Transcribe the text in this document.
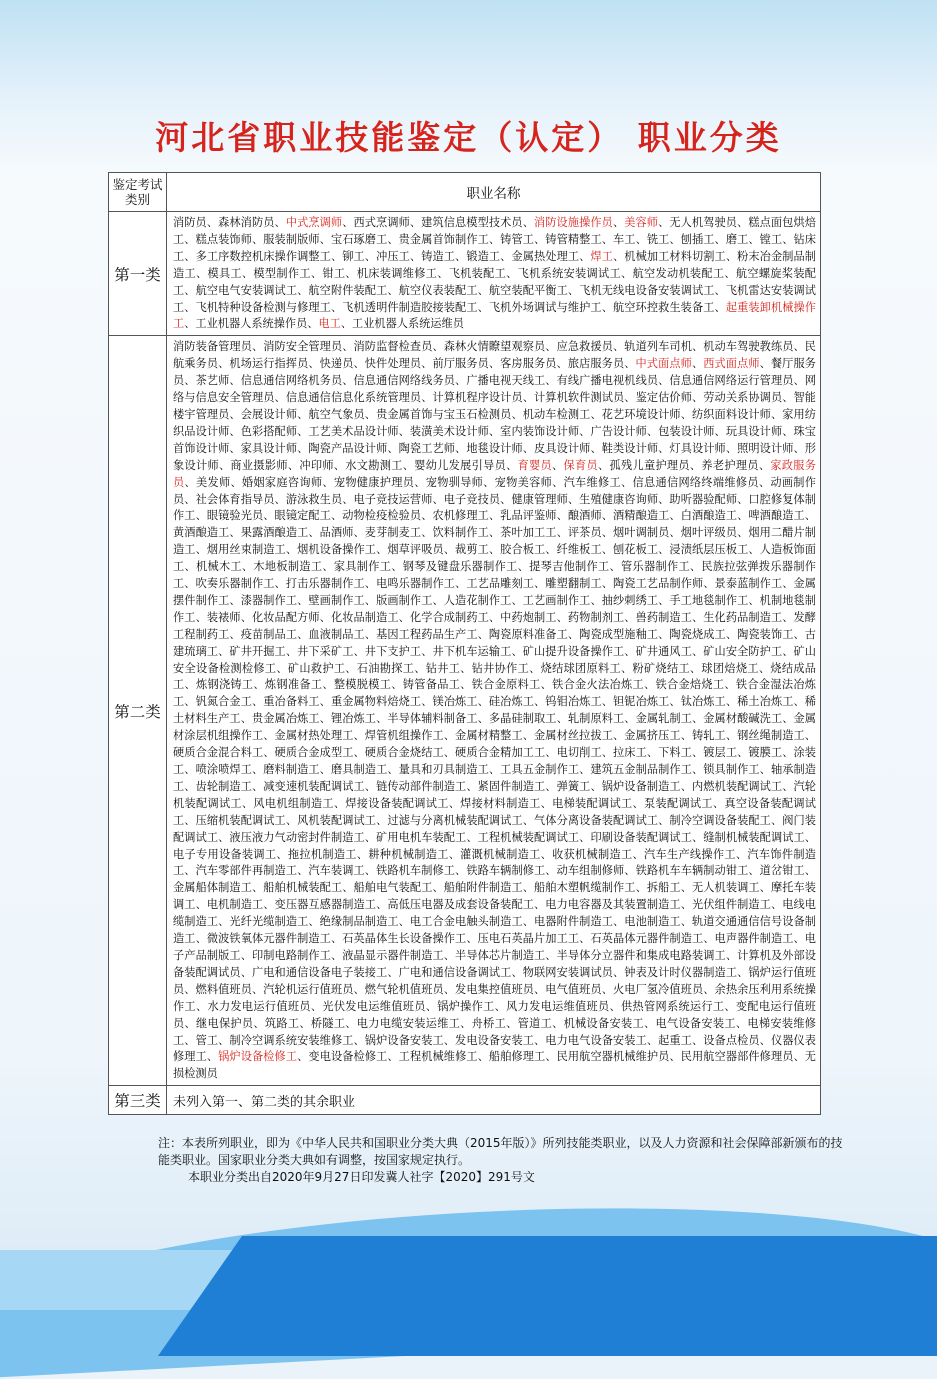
河北省职业技能鉴定（认定） 职业分类
鉴定考试类别	职业名称
第一类	消防员、森林消防员、中式烹调师、西式烹调师、建筑信息模型技术员、消防设施操作员、美容师、无人机驾驶员、糕点面包烘焙工、糕点装饰师、服装制版师、宝石琢磨工、贵金属首饰制作工、铸管工、铸管精整工、车工、铣工、刨插工、磨工、镗工、钻床工、多工序数控机床操作调整工、铆工、冲压工、铸造工、锻造工、金属热处理工、焊工、机械加工材料切割工、粉末冶金制品制造工、模具工、模型制作工、钳工、机床装调维修工、飞机装配工、飞机系统安装调试工、航空发动机装配工、航空螺旋桨装配工、航空电气安装调试工、航空附件装配工、航空仪表装配工、航空装配平衡工、飞机无线电设备安装调试工、飞机雷达安装调试工、飞机特种设备检测与修理工、飞机透明件制造胶接装配工、飞机外场调试与维护工、航空环控救生装备工、起重装卸机械操作工、工业机器人系统操作员、电工、工业机器人系统运维员
第二类	消防装备管理员、消防安全管理员、消防监督检查员、森林火情瞭望观察员、应急救援员、轨道列车司机、机动车驾驶教练员、民航乘务员、机场运行指挥员、快递员、快件处理员、前厅服务员、客房服务员、旅店服务员、中式面点师、西式面点师、餐厅服务员、茶艺师、信息通信网络机务员、信息通信网络线务员、广播电视天线工、有线广播电视机线员、信息通信网络运行管理员、网络与信息安全管理员、信息通信信息化系统管理员、计算机程序设计员、计算机软件测试员、鉴定估价师、劳动关系协调员、智能楼宇管理员、会展设计师、航空气象员、贵金属首饰与宝玉石检测员、机动车检测工、花艺环境设计师、纺织面料设计师、家用纺织品设计师、色彩搭配师、工艺美术品设计师、装潢美术设计师、室内装饰设计师、广告设计师、包装设计师、玩具设计师、珠宝首饰设计师、家具设计师、陶瓷产品设计师、陶瓷工艺师、地毯设计师、皮具设计师、鞋类设计师、灯具设计师、照明设计师、形象设计师、商业摄影师、冲印师、水文勘测工、婴幼儿发展引导员、育婴员、保育员、孤残儿童护理员、养老护理员、家政服务员、美发师、婚姻家庭咨询师、宠物健康护理员、宠物驯导师、宠物美容师、汽车维修工、信息通信网络终端维修员、动画制作员、社会体育指导员、游泳救生员、电子竞技运营师、电子竞技员、健康管理师、生殖健康咨询师、助听器验配师、口腔修复体制作工、眼镜验光员、眼镜定配工、动物检疫检验员、农机修理工、乳品评鉴师、酿酒师、酒精酿造工、白酒酿造工、啤酒酿造工、黄酒酿造工、果露酒酿造工、品酒师、麦芽制麦工、饮料制作工、茶叶加工工、评茶员、烟叶调制员、烟叶评级员、烟用二醋片制造工、烟用丝束制造工、烟机设备操作工、烟草评吸员、裁剪工、胶合板工、纤维板工、刨花板工、浸渍纸层压板工、人造板饰面工、机械木工、木地板制造工、家具制作工、钢琴及键盘乐器制作工、提琴吉他制作工、管乐器制作工、民族拉弦弹拨乐器制作工、吹奏乐器制作工、打击乐器制作工、电鸣乐器制作工、工艺品雕刻工、雕塑翻制工、陶瓷工艺品制作师、景泰蓝制作工、金属摆件制作工、漆器制作工、壁画制作工、版画制作工、人造花制作工、工艺画制作工、抽纱刺绣工、手工地毯制作工、机制地毯制作工、装裱师、化妆品配方师、化妆品制造工、化学合成制药工、中药炮制工、药物制剂工、兽药制造工、生化药品制造工、发酵工程制药工、疫苗制品工、血液制品工、基因工程药品生产工、陶瓷原料准备工、陶瓷成型施釉工、陶瓷烧成工、陶瓷装饰工、古建琉璃工、矿井开掘工、井下采矿工、井下支护工、井下机车运输工、矿山提升设备操作工、矿井通风工、矿山安全防护工、矿山安全设备检测检修工、矿山救护工、石油勘探工、钻井工、钻井协作工、烧结球团原料工、粉矿烧结工、球团焙烧工、烧结成品工、炼钢浇铸工、炼钢准备工、整模脱模工、铸管备品工、铁合金原料工、铁合金火法冶炼工、铁合金焙烧工、铁合金湿法冶炼工、钒氮合金工、重冶备料工、重金属物料焙烧工、镁冶炼工、硅冶炼工、钨钼冶炼工、钽铌冶炼工、钛冶炼工、稀土冶炼工、稀土材料生产工、贵金属冶炼工、锂冶炼工、半导体辅料制备工、多晶硅制取工、轧制原料工、金属轧制工、金属材酸碱洗工、金属材涂层机组操作工、金属材热处理工、焊管机组操作工、金属材精整工、金属材丝拉拔工、金属挤压工、铸轧工、钢丝绳制造工、硬质合金混合料工、硬质合金成型工、硬质合金烧结工、硬质合金精加工工、电切削工、拉床工、下料工、镀层工、镀膜工、涂装工、喷涂喷焊工、磨料制造工、磨具制造工、量具和刃具制造工、工具五金制作工、建筑五金制品制作工、锁具制作工、轴承制造工、齿轮制造工、减变速机装配调试工、链传动部件制造工、紧固件制造工、弹簧工、锅炉设备制造工、内燃机装配调试工、汽轮机装配调试工、风电机组制造工、焊接设备装配调试工、焊接材料制造工、电梯装配调试工、泵装配调试工、真空设备装配调试工、压缩机装配调试工、风机装配调试工、过滤与分离机械装配调试工、气体分离设备装配调试工、制冷空调设备装配工、阀门装配调试工、液压液力气动密封件制造工、矿用电机车装配工、工程机械装配调试工、印刷设备装配调试工、缝制机械装配调试工、电子专用设备装调工、拖拉机制造工、耕种机械制造工、灌溉机械制造工、收获机械制造工、汽车生产线操作工、汽车饰件制造工、汽车零部件再制造工、汽车装调工、铁路机车制修工、铁路车辆制修工、动车组制修师、铁路机车车辆制动钳工、道岔钳工、金属船体制造工、船舶机械装配工、船舶电气装配工、船舶附件制造工、船舶木塑帆缆制作工、拆船工、无人机装调工、摩托车装调工、电机制造工、变压器互感器制造工、高低压电器及成套设备装配工、电力电容器及其装置制造工、光伏组件制造工、电线电缆制造工、光纤光缆制造工、绝缘制品制造工、电工合金电触头制造工、电器附件制造工、电池制造工、轨道交通通信信号设备制造工、微波铁氧体元器件制造工、石英晶体生长设备操作工、压电石英晶片加工工、石英晶体元器件制造工、电声器件制造工、电子产品制版工、印制电路制作工、液晶显示器件制造工、半导体芯片制造工、半导体分立器件和集成电路装调工、计算机及外部设备装配调试员、广电和通信设备电子装接工、广电和通信设备调试工、物联网安装调试员、钟表及计时仪器制造工、锅炉运行值班员、燃料值班员、汽轮机运行值班员、燃气轮机值班员、发电集控值班员、电气值班员、火电厂氢冷值班员、余热余压利用系统操作工、水力发电运行值班员、光伏发电运维值班员、锅炉操作工、风力发电运维值班员、供热管网系统运行工、变配电运行值班员、继电保护员、筑路工、桥隧工、电力电缆安装运维工、舟桥工、管道工、机械设备安装工、电气设备安装工、电梯安装维修工、管工、制冷空调系统安装维修工、锅炉设备安装工、发电设备安装工、电力电气设备安装工、起重工、设备点检员、仪器仪表修理工、锅炉设备检修工、变电设备检修工、工程机械维修工、船舶修理工、民用航空器机械维护员、民用航空器部件修理员、无损检测员
第三类	未列入第一、第二类的其余职业

注：本表所列职业，即为《中华人民共和国职业分类大典（2015年版）》所列技能类职业，以及人力资源和社会保障部新颁布的技能类职业。国家职业分类大典如有调整，按国家规定执行。

本职业分类出自2020年9月27日印发冀人社字【2020】291号文
